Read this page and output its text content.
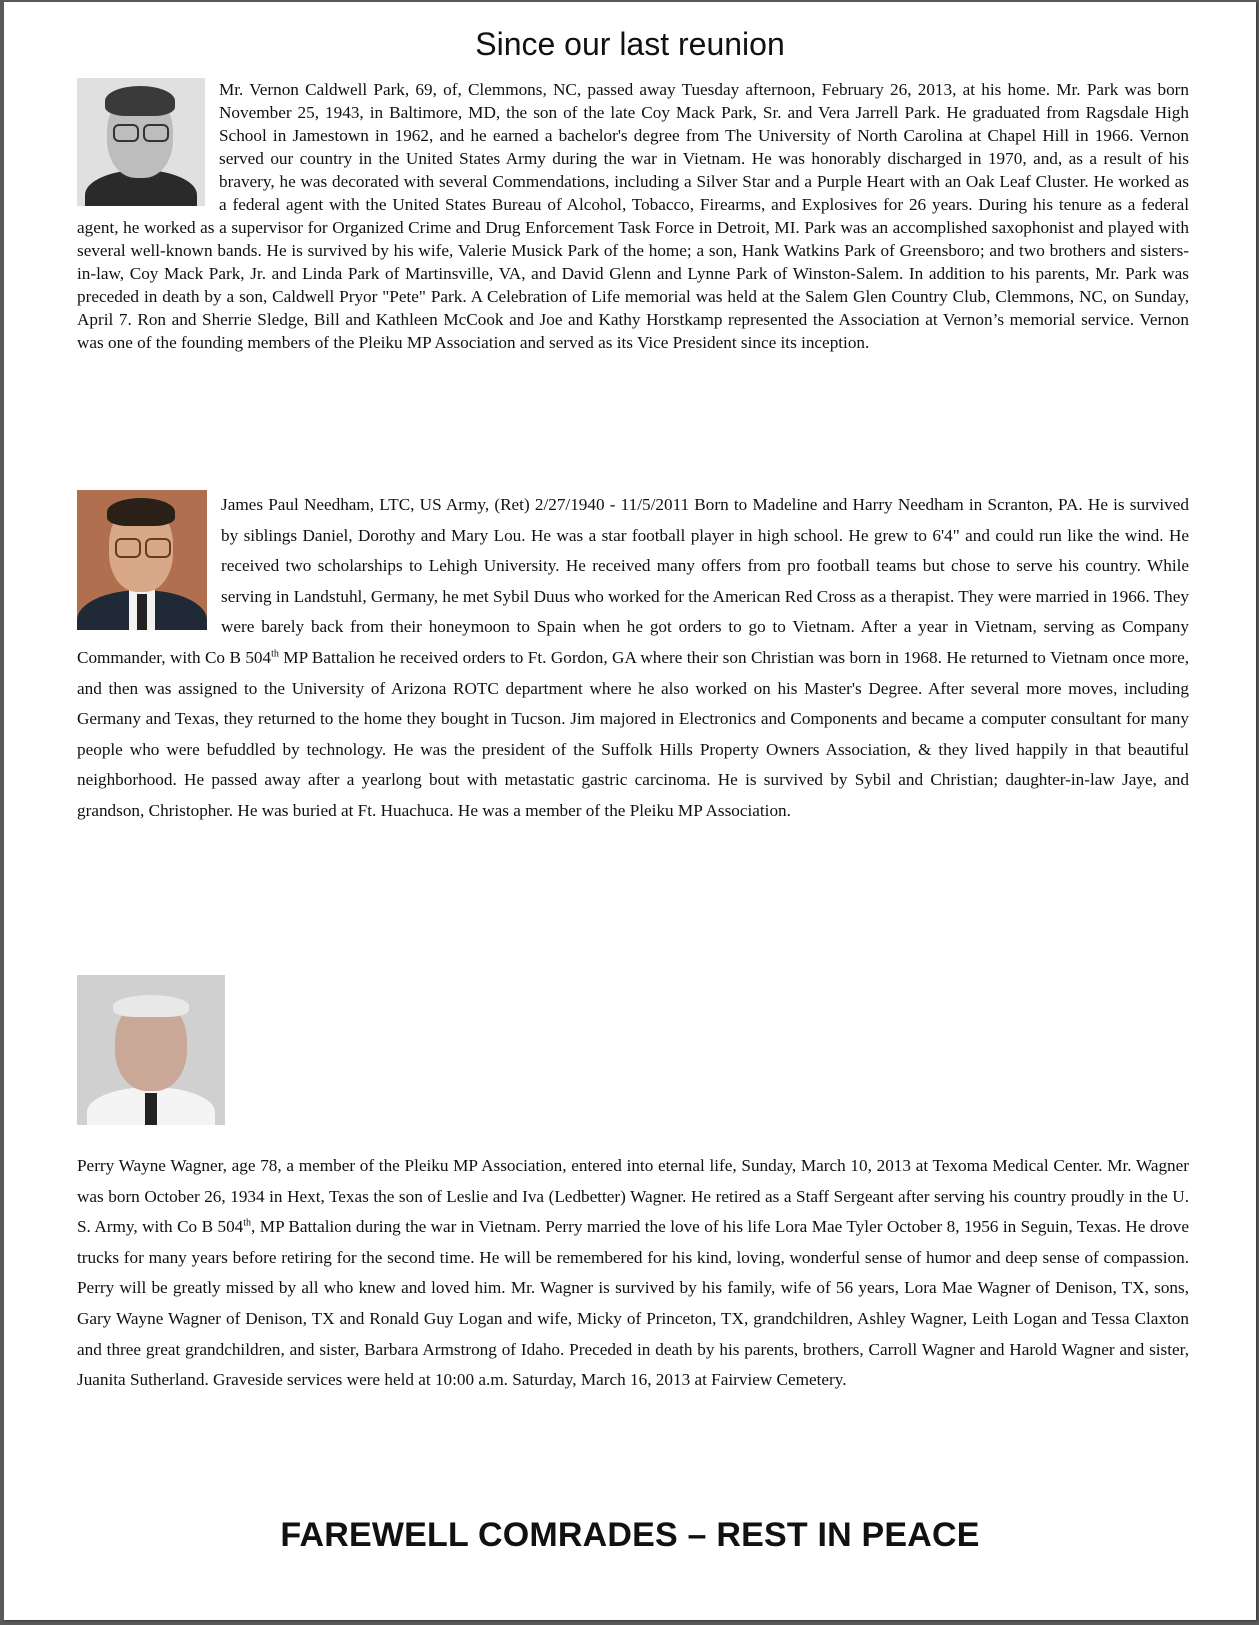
Since our last reunion

Mr. Vernon Caldwell Park, 69, of, Clemmons, NC, passed away Tuesday afternoon, February 26, 2013, at his home. Mr. Park was born November 25, 1943, in Baltimore, MD, the son of the late Coy Mack Park, Sr. and Vera Jarrell Park. He graduated from Ragsdale High School in Jamestown in 1962, and he earned a bachelor's degree from The University of North Carolina at Chapel Hill in 1966. Vernon served our country in the United States Army during the war in Vietnam. He was honorably discharged in 1970, and, as a result of his bravery, he was decorated with several Commendations, including a Silver Star and a Purple Heart with an Oak Leaf Cluster. He worked as a federal agent with the United States Bureau of Alcohol, Tobacco, Firearms, and Explosives for 26 years. During his tenure as a federal agent, he worked as a supervisor for Organized Crime and Drug Enforcement Task Force in Detroit, MI. Park was an accomplished saxophonist and played with several well-known bands. He is survived by his wife, Valerie Musick Park of the home; a son, Hank Watkins Park of Greensboro; and two brothers and sisters-in-law, Coy Mack Park, Jr. and Linda Park of Martinsville, VA, and David Glenn and Lynne Park of Winston-Salem. In addition to his parents, Mr. Park was preceded in death by a son, Caldwell Pryor "Pete" Park. A Celebration of Life memorial was held at the Salem Glen Country Club, Clemmons, NC, on Sunday, April 7. Ron and Sherrie Sledge, Bill and Kathleen McCook and Joe and Kathy Horstkamp represented the Association at Vernon’s memorial service. Vernon was one of the founding members of the Pleiku MP Association and served as its Vice President since its inception.

James Paul Needham, LTC, US Army, (Ret) 2/27/1940 - 11/5/2011 Born to Madeline and Harry Needham in Scranton, PA. He is survived by siblings Daniel, Dorothy and Mary Lou. He was a star football player in high school. He grew to 6'4" and could run like the wind. He received two scholarships to Lehigh University. He received many offers from pro football teams but chose to serve his country. While serving in Landstuhl, Germany, he met Sybil Duus who worked for the American Red Cross as a therapist. They were married in 1966. They were barely back from their honeymoon to Spain when he got orders to go to Vietnam. After a year in Vietnam, serving as Company Commander, with Co B 504th MP Battalion he received orders to Ft. Gordon, GA where their son Christian was born in 1968. He returned to Vietnam once more, and then was assigned to the University of Arizona ROTC department where he also worked on his Master's Degree. After several more moves, including Germany and Texas, they returned to the home they bought in Tucson. Jim majored in Electronics and Components and became a computer consultant for many people who were befuddled by technology. He was the president of the Suffolk Hills Property Owners Association, & they lived happily in that beautiful neighborhood. He passed away after a yearlong bout with metastatic gastric carcinoma. He is survived by Sybil and Christian; daughter-in-law Jaye, and grandson, Christopher. He was buried at Ft. Huachuca. He was a member of the Pleiku MP Association.

Perry Wayne Wagner, age 78, a member of the Pleiku MP Association, entered into eternal life, Sunday, March 10, 2013 at Texoma Medical Center. Mr. Wagner was born October 26, 1934 in Hext, Texas the son of Leslie and Iva (Ledbetter) Wagner. He retired as a Staff Sergeant after serving his country proudly in the U. S. Army, with Co B 504th, MP Battalion during the war in Vietnam. Perry married the love of his life Lora Mae Tyler October 8, 1956 in Seguin, Texas. He drove trucks for many years before retiring for the second time. He will be remembered for his kind, loving, wonderful sense of humor and deep sense of compassion. Perry will be greatly missed by all who knew and loved him. Mr. Wagner is survived by his family, wife of 56 years, Lora Mae Wagner of Denison, TX, sons, Gary Wayne Wagner of Denison, TX and Ronald Guy Logan and wife, Micky of Princeton, TX, grandchildren, Ashley Wagner, Leith Logan and Tessa Claxton and three great grandchildren, and sister, Barbara Armstrong of Idaho. Preceded in death by his parents, brothers, Carroll Wagner and Harold Wagner and sister, Juanita Sutherland. Graveside services were held at 10:00 a.m. Saturday, March 16, 2013 at Fairview Cemetery.

FAREWELL COMRADES – REST IN PEACE
